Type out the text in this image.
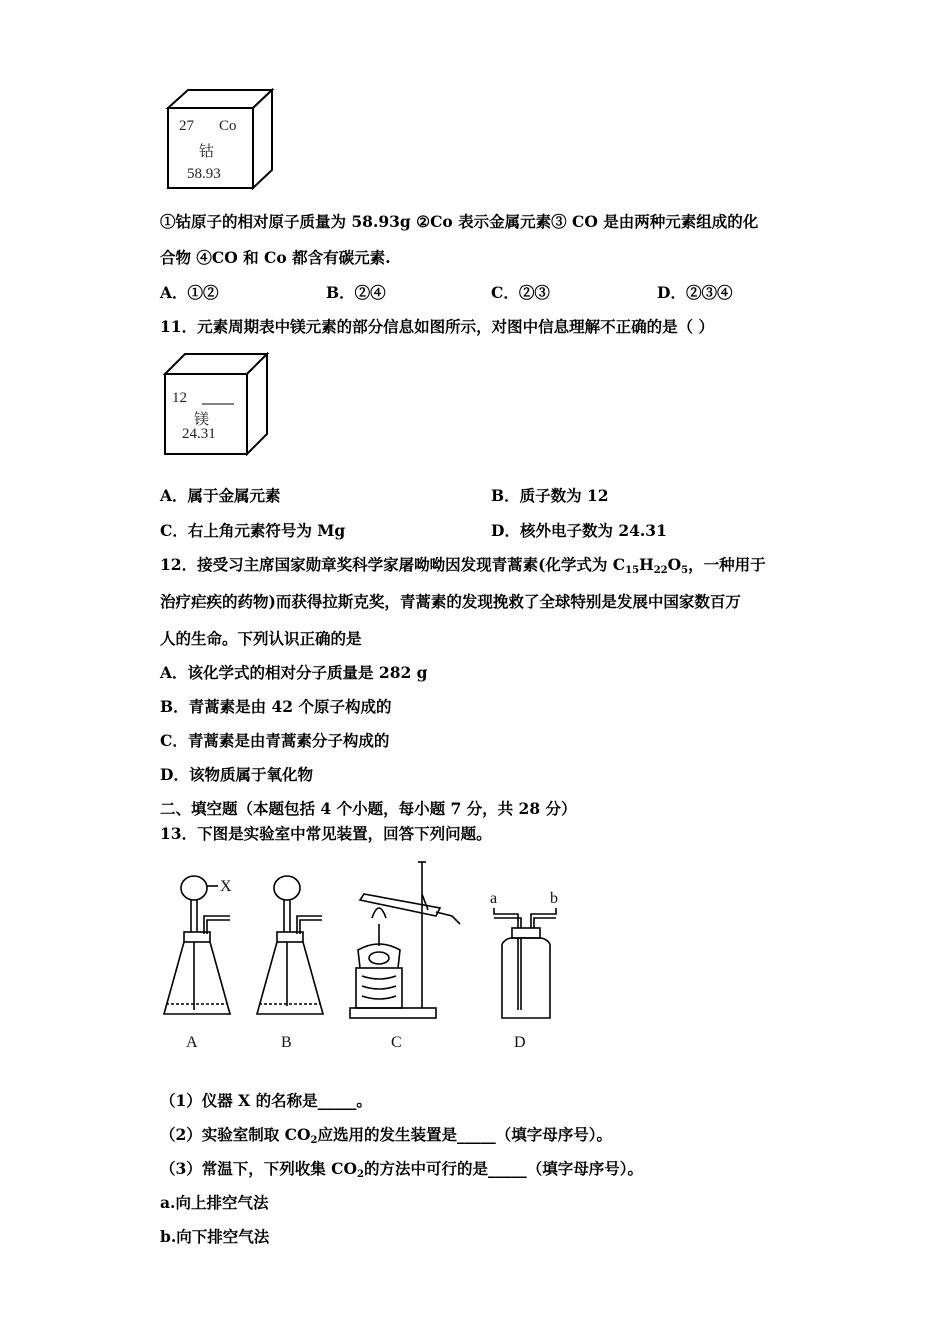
27 Co
钴
58.93
①钴原子的相对原子质量为 58.93g ②Co 表示金属元素③ CO 是由两种元素组成的化
合物 ④CO 和 Co 都含有碳元素.
A．①②	B．②④	C．②③	D．②③④
11．元素周期表中镁元素的部分信息如图所示，对图中信息理解不正确的是（ ）
12
镁
24.31
A．属于金属元素	B．质子数为 12
C．右上角元素符号为 Mg	D．核外电子数为 24.31
12．接受习主席国家勋章奖科学家屠呦呦因发现青蒿素(化学式为 $C_{15}H_{22}O_5$，一种用于
治疗疟疾的药物)而获得拉斯克奖，青蒿素的发现挽救了全球特别是发展中国家数百万
人的生命。下列认识正确的是
A．该化学式的相对分子质量是 282 g
B．青蒿素是由 42 个原子构成的
C．青蒿素是由青蒿素分子构成的
D．该物质属于氧化物
二、填空题（本题包括 4 个小题，每小题 7 分，共 28 分）
13．下图是实验室中常见装置，回答下列问题。
X
a	b
A	B	C	D
（1）仪器 X 的名称是_____。
（2）实验室制取 $CO_2$应选用的发生装置是_____（填字母序号）。
（3）常温下，下列收集 $CO_2$的方法中可行的是_____（填字母序号）。
a.向上排空气法
b.向下排空气法
